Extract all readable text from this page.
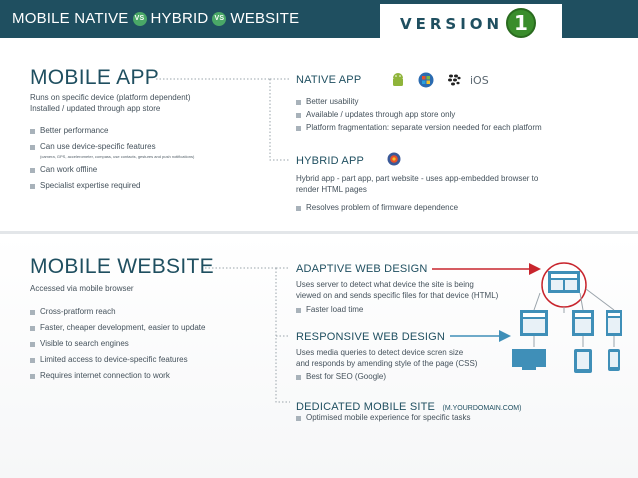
MOBILE NATIVE VS HYBRID VS WEBSITE	VERSION 1
MOBILE APP
Runs on specific device (platform dependent)
Installed / updated through app store
Better performance
Can use device-specific features
(camera, GPS, accelerometer, compass, use contacts, gestures and push notifications)
Can work offline
Specialist expertise required
NATIVE APP	iOS
Better usability
Available / updates through app store only
Platform fragmentation: separate version needed for each platform
HYBRID APP
Hybrid app - part app, part website - uses app-embedded browser to
render HTML pages
Resolves problem of firmware dependence
MOBILE WEBSITE
Accessed via mobile browser
Cross-pratform reach
Faster, cheaper development, easier to update
Visible to search engines
Limited access to device-specific features
Requires internet connection to work
ADAPTIVE WEB DESIGN
Uses server to detect what device the site is being
viewed on and sends specific files for that device (HTML)
Faster load time
RESPONSIVE WEB DESIGN
Uses media queries to detect device scren size
and responds by amending style of the page (CSS)
Best for SEO (Google)
DEDICATED MOBILE SITE (M.YOURDOMAIN.COM)
Optimised mobile experience for specific tasks
